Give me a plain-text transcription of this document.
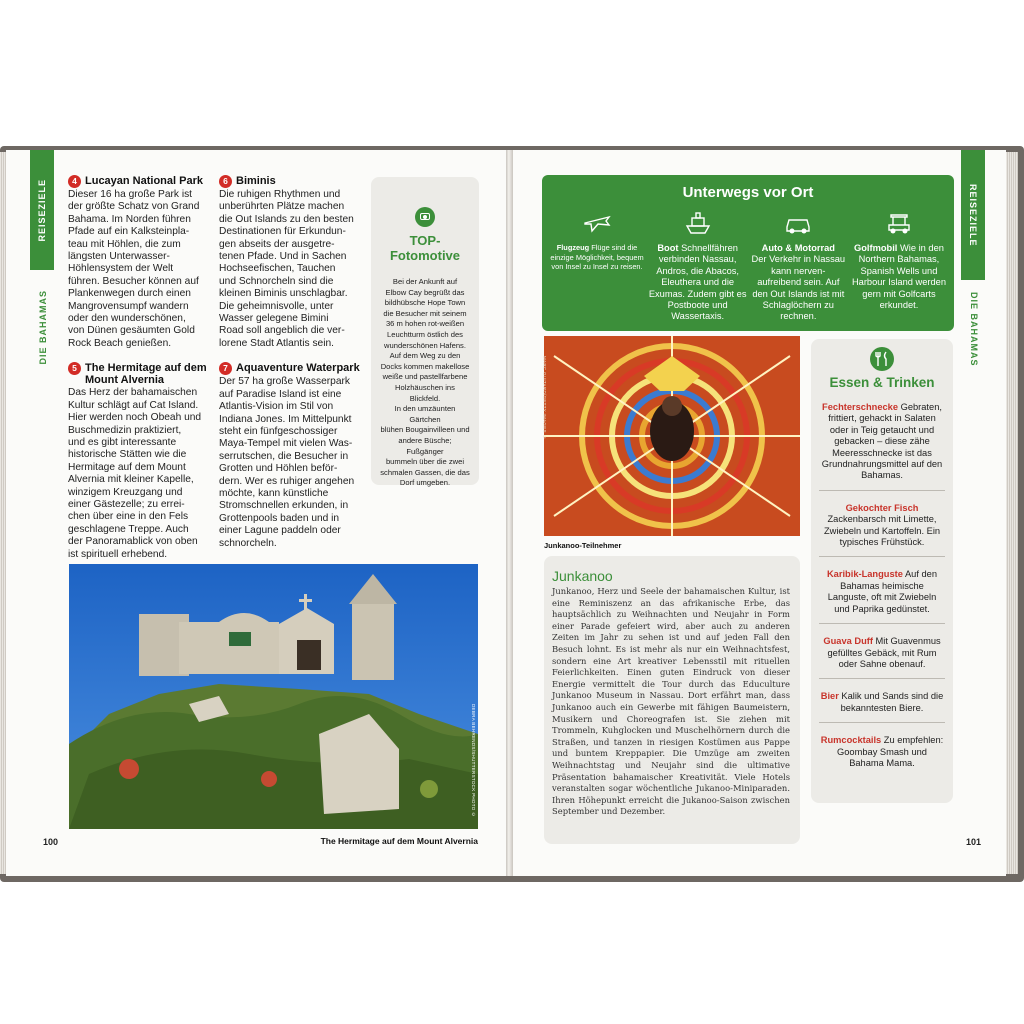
REISEZIELE
DIE BAHAMAS
4 Lucayan National Park
Dieser 16 ha große Park ist
der größte Schatz von Grand
Bahama. Im Norden führen
Pfade auf ein Kalksteinpla-
teau mit Höhlen, die zum
längsten Unterwasser-
Höhlensystem der Welt
führen. Besucher können auf
Plankenwegen durch einen
Mangrovensumpf wandern
oder den wunderschönen,
von Dünen gesäumten Gold
Rock Beach genießen.
5 The Hermitage auf dem Mount Alvernia
Das Herz der bahamaischen
Kultur schlägt auf Cat Island.
Hier werden noch Obeah und
Buschmedizin praktiziert,
und es gibt interessante
historische Stätten wie die
Hermitage auf dem Mount
Alvernia mit kleiner Kapelle,
winzigem Kreuzgang und
einer Gästezelle; zu errei-
chen über eine in den Fels
geschlagene Treppe. Auch
der Panoramablick von oben
ist spirituell erhebend.
6 Biminis
Die ruhigen Rhythmen und
unberührten Plätze machen
die Out Islands zu den besten
Destinationen für Erkundun-
gen abseits der ausgetre-
tenen Pfade. Und in Sachen
Hochseefischen, Tauchen
und Schnorcheln sind die
kleinen Biminis unschlagbar.
Die geheimnisvolle, unter
Wasser gelegene Bimini
Road soll angeblich die ver-
lorene Stadt Atlantis sein.
7 Aquaventure Waterpark
Der 57 ha große Wasserpark
auf Paradise Island ist eine
Atlantis-Vision im Stil von
Indiana Jones. Im Mittelpunkt
steht ein fünfgeschossiger
Maya-Tempel mit vielen Was-
serrutschen, die Besucher in
Grotten und Höhlen beför-
dern. Wer es ruhiger angehen
möchte, kann künstliche
Stromschnellen erkunden, in
Grottenpools baden und in
einer Lagune paddeln oder
schnorcheln.
TOP-
Fotomotive
Bei der Ankunft auf
Elbow Cay begrüßt das
bildhübsche Hope Town
die Besucher mit seinem
36 m hohen rot-weißen
Leuchtturm östlich des
wunderschönen Hafens.
Auf dem Weg zu den
Docks kommen makellose
weiße und pastellfarbene
Holzhäuschen ins Blickfeld.
In den umzäunten Gärtchen
blühen Bougainvilleen und
andere Büsche; Fußgänger
bummeln über die zwei
schmalen Gassen, die das
Dorf umgeben.
DEBRA BEHRENDS/SHUTTERSTOCK PHOTO ©
The Hermitage auf dem Mount Alvernia
100
REISEZIELE
DIE BAHAMAS
Unterwegs vor Ort
Flugzeug Flüge sind die einzige Möglichkeit, bequem von Insel zu Insel zu reisen.
Boot Schnellfähren verbinden Nassau, Andros, die Abacos, Eleuthera und die Exumas. Zudem gibt es Postboote und Wassertaxis.
Auto & Motorrad
Der Verkehr in Nassau kann nerven-aufreibend sein. Auf den Out Islands ist mit Schlaglöchern zu rechnen.
Golfmobil Wie in den Northern Bahamas, Spanish Wells und Harbour Island werden gern mit Golfcarts erkundet.
MARC GUITARD/GETTY IMAGES ©
Junkanoo-Teilnehmer
Junkanoo
Junkanoo, Herz und Seele der bahamaischen Kultur, ist eine Reminiszenz an das afrikanische Erbe, das hauptsächlich zu Weihnachten und Neujahr in Form einer Parade gefeiert wird, aber auch zu anderen Zeiten im Jahr zu sehen ist und auf jeden Fall den Besuch lohnt. Es ist mehr als nur ein Weihnachtsfest, sondern eine Art kreativer Lebensstil mit rituellen Feierlichkeiten. Einen guten Eindruck von dieser Energie vermittelt die Tour durch das Educulture Junkanoo Museum in Nassau. Dort erfährt man, dass Junkanoo auch ein Gewerbe mit fähigen Baumeistern, Musikern und Choreografen ist. Sie ziehen mit Trommeln, Kuhglocken und Muschelhörnern durch die Straßen, und tanzen in riesigen Kostümen aus Pappe und buntem Kreppapier. Die Umzüge am zweiten Weihnachtstag und Neujahr sind die ultimative Präsentation bahamaischer Kreativität. Viele Hotels veranstalten sogar wöchentliche Jukanoo-Miniparaden. Ihren Höhepunkt erreicht die Jukanoo-Saison zwischen September und Dezember.
Essen & Trinken
Fechterschnecke Gebraten, frittiert, gehackt in Salaten oder in Teig getaucht und gebacken – diese zähe Meeresschnecke ist das Grundnahrungsmittel auf den Bahamas.
Gekochter Fisch Zackenbarsch mit Limette, Zwiebeln und Kartoffeln. Ein typisches Frühstück.
Karibik-Languste Auf den Bahamas heimische Languste, oft mit Zwiebeln und Paprika gedünstet.
Guava Duff Mit Guavenmus gefülltes Gebäck, mit Rum oder Sahne obenauf.
Bier Kalik und Sands sind die bekanntesten Biere.
Rumcocktails Zu empfehlen: Goombay Smash und Bahama Mama.
101
